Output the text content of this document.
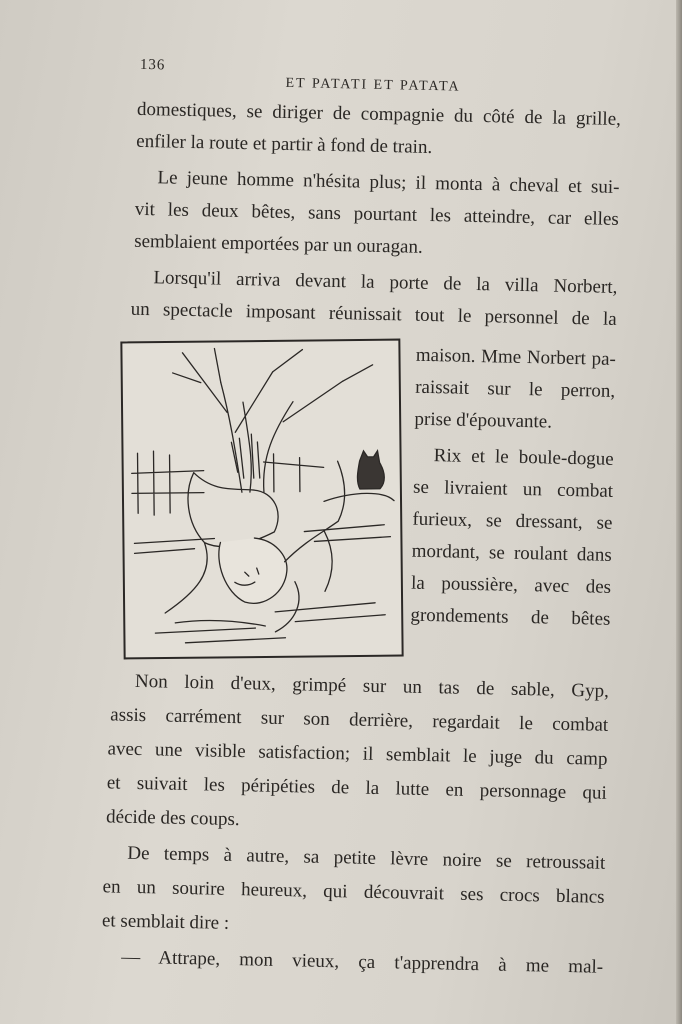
136
ET PATATI ET PATATA
domestiques, se diriger de compagnie du côté de la grille,
enfiler la route et partir à fond de train.
Le jeune homme n'hésita plus; il monta à cheval et sui-
vit les deux bêtes, sans pourtant les atteindre, car elles
semblaient emportées par un ouragan.
Lorsqu'il arriva devant la porte de la villa Norbert,
un spectacle imposant réunissait tout le personnel de la
maison. Mme Norbert pa-
raissait sur le perron,
prise d'épouvante.
Rix et le boule-dogue
se livraient un combat
furieux, se dressant, se
mordant, se roulant dans
la poussière, avec des
grondements de bêtes
Non loin d'eux, grimpé sur un tas de sable, Gyp,
assis carrément sur son derrière, regardait le combat
avec une visible satisfaction; il semblait le juge du camp
et suivait les péripéties de la lutte en personnage qui
décide des coups.
De temps à autre, sa petite lèvre noire se retroussait
en un sourire heureux, qui découvrait ses crocs blancs
et semblait dire :
— Attrape, mon vieux, ça t'apprendra à me mal-
